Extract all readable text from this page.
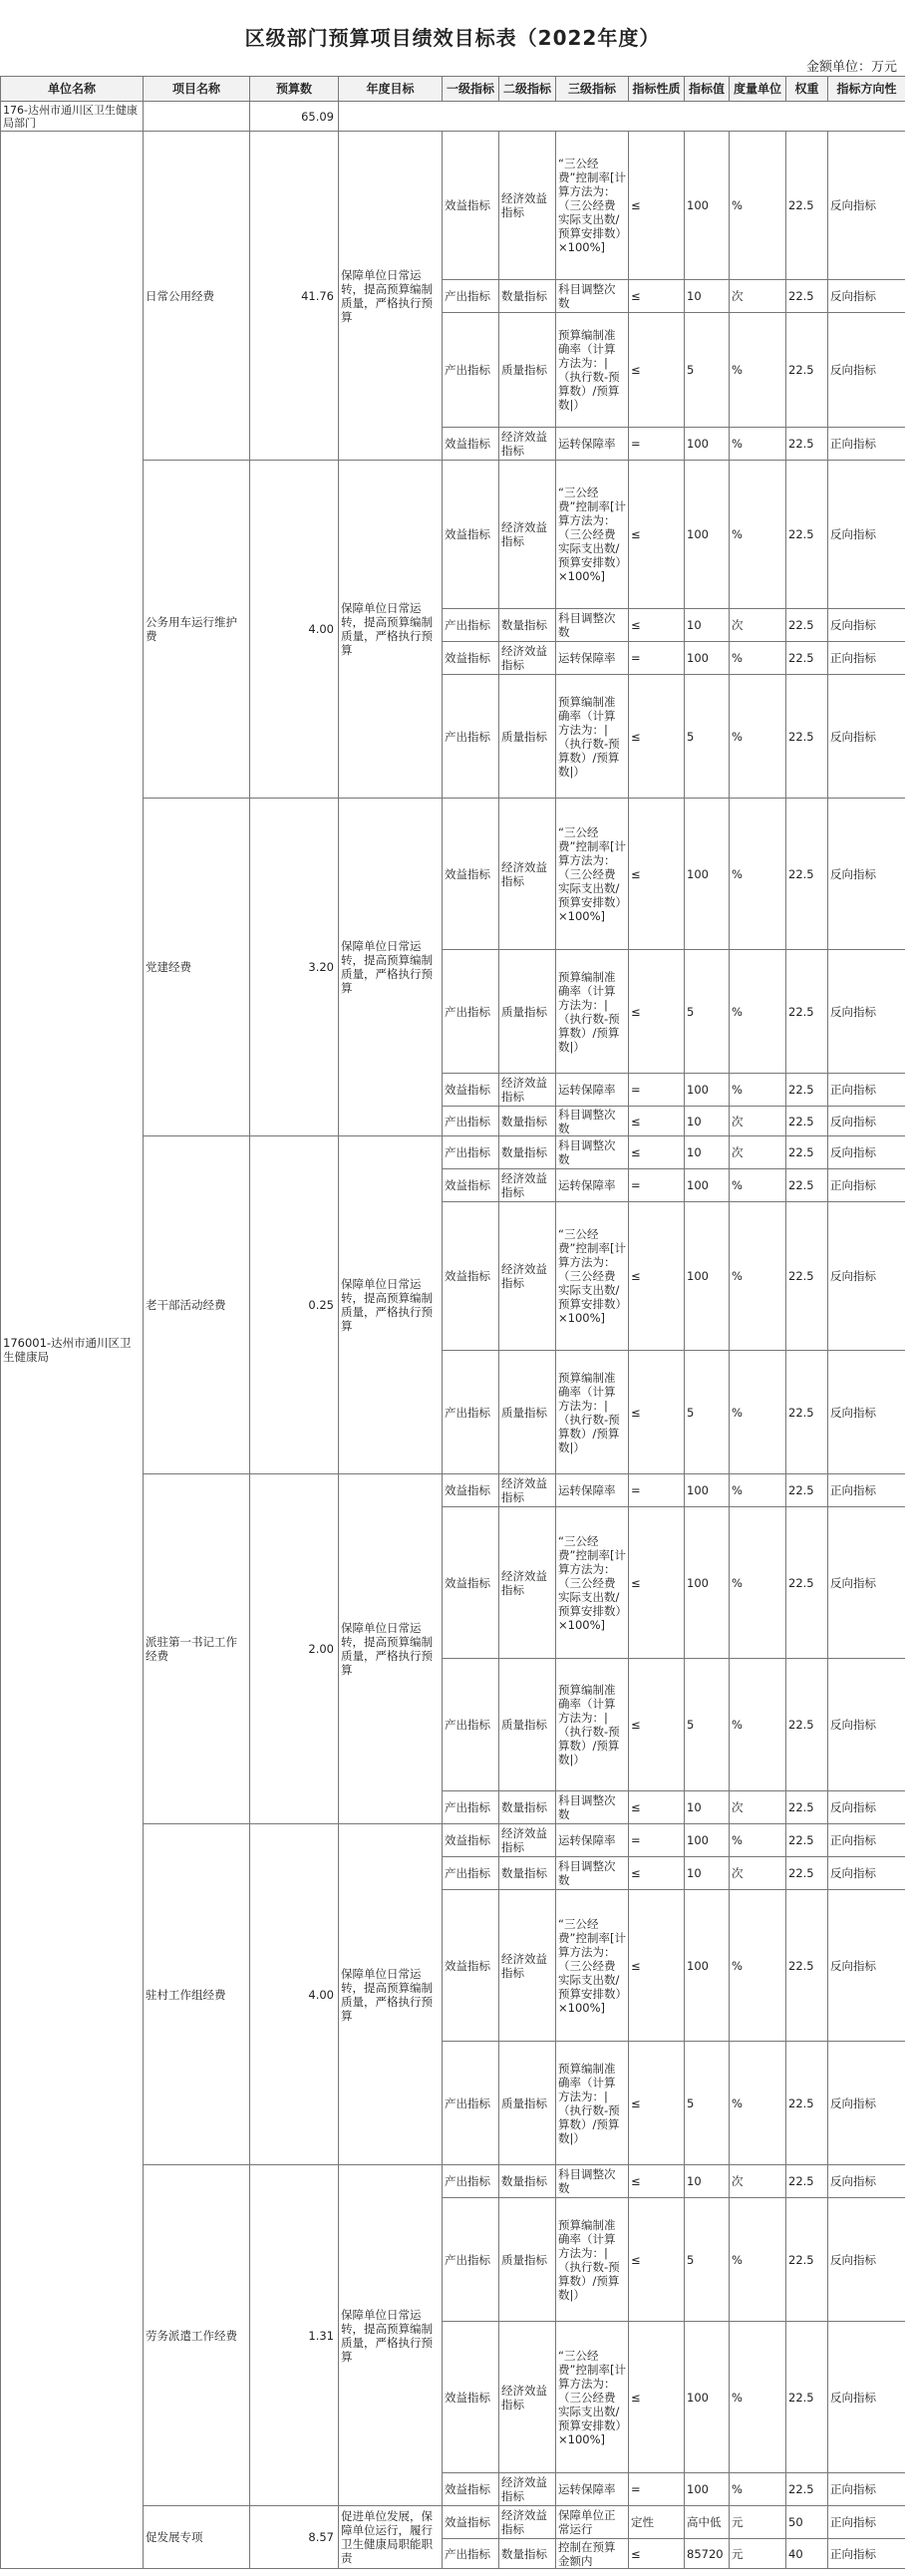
区级部门预算项目绩效目标表（2022年度）
金额单位：万元
单位名称	项目名称	预算数	年度目标	一级指标	二级指标	三级指标	指标性质	指标值	度量单位	权重	指标方向性
176-达州市通川区卫生健康局部门		65.09									
176001-达州市通川区卫生健康局	日常公用经费	41.76	保障单位日常运转，提高预算编制质量，严格执行预算	效益指标	经济效益指标	“三公经费”控制率[计算方法为：（三公经费实际支出数/预算安排数）×100%]	≤	100	%	22.5	反向指标
				产出指标	数量指标	科目调整次数	≤	10	次	22.5	反向指标
				产出指标	质量指标	预算编制准确率（计算方法为：|（执行数-预算数）/预算数|）	≤	5	%	22.5	反向指标
				效益指标	经济效益指标	运转保障率	=	100	%	22.5	正向指标
	公务用车运行维护费	4.00	保障单位日常运转，提高预算编制质量，严格执行预算	效益指标	经济效益指标	“三公经费”控制率[计算方法为：（三公经费实际支出数/预算安排数）×100%]	≤	100	%	22.5	反向指标
				产出指标	数量指标	科目调整次数	≤	10	次	22.5	反向指标
				效益指标	经济效益指标	运转保障率	=	100	%	22.5	正向指标
				产出指标	质量指标	预算编制准确率（计算方法为：|（执行数-预算数）/预算数|）	≤	5	%	22.5	反向指标
	党建经费	3.20	保障单位日常运转，提高预算编制质量，严格执行预算	效益指标	经济效益指标	“三公经费”控制率[计算方法为：（三公经费实际支出数/预算安排数）×100%]	≤	100	%	22.5	反向指标
				产出指标	质量指标	预算编制准确率（计算方法为：|（执行数-预算数）/预算数|）	≤	5	%	22.5	反向指标
				效益指标	经济效益指标	运转保障率	=	100	%	22.5	正向指标
				产出指标	数量指标	科目调整次数	≤	10	次	22.5	反向指标
	老干部活动经费	0.25	保障单位日常运转，提高预算编制质量，严格执行预算	产出指标	数量指标	科目调整次数	≤	10	次	22.5	反向指标
				效益指标	经济效益指标	运转保障率	=	100	%	22.5	正向指标
				效益指标	经济效益指标	“三公经费”控制率[计算方法为：（三公经费实际支出数/预算安排数）×100%]	≤	100	%	22.5	反向指标
				产出指标	质量指标	预算编制准确率（计算方法为：|（执行数-预算数）/预算数|）	≤	5	%	22.5	反向指标
	派驻第一书记工作经费	2.00	保障单位日常运转，提高预算编制质量，严格执行预算	效益指标	经济效益指标	运转保障率	=	100	%	22.5	正向指标
				效益指标	经济效益指标	“三公经费”控制率[计算方法为：（三公经费实际支出数/预算安排数）×100%]	≤	100	%	22.5	反向指标
				产出指标	质量指标	预算编制准确率（计算方法为：|（执行数-预算数）/预算数|）	≤	5	%	22.5	反向指标
				产出指标	数量指标	科目调整次数	≤	10	次	22.5	反向指标
	驻村工作组经费	4.00	保障单位日常运转，提高预算编制质量，严格执行预算	效益指标	经济效益指标	运转保障率	=	100	%	22.5	正向指标
				产出指标	数量指标	科目调整次数	≤	10	次	22.5	反向指标
				效益指标	经济效益指标	“三公经费”控制率[计算方法为：（三公经费实际支出数/预算安排数）×100%]	≤	100	%	22.5	反向指标
				产出指标	质量指标	预算编制准确率（计算方法为：|（执行数-预算数）/预算数|）	≤	5	%	22.5	反向指标
	劳务派遣工作经费	1.31	保障单位日常运转，提高预算编制质量，严格执行预算	产出指标	数量指标	科目调整次数	≤	10	次	22.5	反向指标
				产出指标	质量指标	预算编制准确率（计算方法为：|（执行数-预算数）/预算数|）	≤	5	%	22.5	反向指标
				效益指标	经济效益指标	“三公经费”控制率[计算方法为：（三公经费实际支出数/预算安排数）×100%]	≤	100	%	22.5	反向指标
				效益指标	经济效益指标	运转保障率	=	100	%	22.5	正向指标
	促发展专项	8.57	促进单位发展，保障单位运行，履行卫生健康局职能职责	效益指标	经济效益指标	保障单位正常运行	定性	高中低	元	50	正向指标
				产出指标	数量指标	控制在预算金额内	≤	85720	元	40	正向指标
